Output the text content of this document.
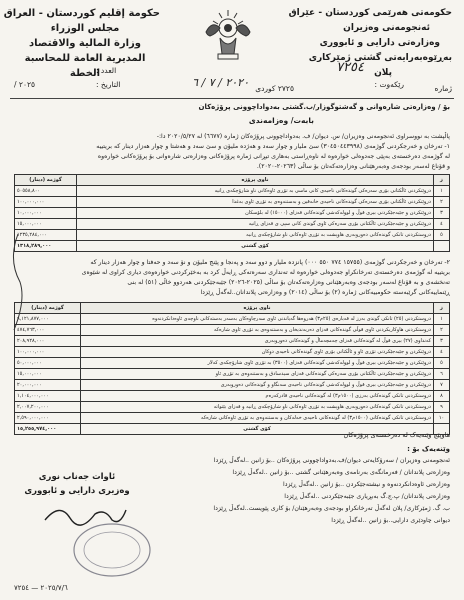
حکومەتی هەرێمی کوردستان - عێراق
ئەنجومەنی وەزیران
وەزارەتی دارایی و ئابووری
بەڕێوەبەرایەتی گشتی ژمێرکاری
پلان
حكومة إقليم كوردستان - العراق
مجلس الوزراء
وزارة المالية والاقتصاد
المديرية العامة للمحاسبة
الخطة
ژمارە
رێکەوت :
٧٢٥٤
٢٠٢٠ / ٧ / ٦ ٢٧٢٥ کوردی
العدد :
التاريخ :
٢٠٢٥ /
بۆ / وەزارەتی شارەوانی و گەشتوگوزار/ب.گشتی بەدواداچوونی پرۆژەکان
بابەت/ وەزامەندی
پاڵپشت بە نووسراوی ئەنجومەنی وەزیران/ س. دیوان/ ف. بەدواداچوونی پرۆژەکان ژمارە (٦٦٧٧) لە ٢٠٢٠/٥/٢٧ دا:-
١- تەرخان و خەرجکردنی گوژمەی (٣٠٤٥٠٤٤٣٩٩٨) سێ ملیار و چوار سەد و هەژدە ملیۆن و سێ سەد و هەشتا و چوار هەزار دینار کە بریتییە
لە گوژمەی دەرخستەی بەپێی جەدوەلی خوارەوە لە ناوەڕاستی بەهاری تیڕانی ژمارە پرۆژەکانی وەزارەتی شارەوانی بۆ پرۆژەکانی خوارەوە
و قۆناغ لەسەر بودجەی وەبەرهێنانی وەزارەتەکەتان بۆ ساڵی (٢٠٢٦٣-٢٠٢٠).
ز	ناوی پرۆژە	گوژمە (دینار)
١	دروێنکردنی ئاڵکتانی بۆری سەرەکی گوندەکانی ناحیەی کانی ماسی بە تۆڕی ئاوەکانی ناو شارۆچکەی ڕانیە	٥٠٥٥٨,٨٠٠
٢	دروێنکردنی ئاڵکتانی بۆری سەرەکی گوندەکانی ناحیەی خانەقین و بەستنەوەی بە تۆڕی ئاوی بەغدا	١٠٠,٠٠٠,٠٠٠
٣	دروێنکردن و جێبەجێکردنی بیری قوڵ و لوولەکەشی گوندەکانی قەزای (١٥٠٠٠) لە بلۆسکان	١٠,٠٠٠,٠٠٠
٤	دروێنکردن و جێبەجێکردنی ئاڵکتانی بۆری سەرەکی ئاوی گوندی کانی سپی ی قەزای ڕانیە	١٥,٠٠٠,٠٠٠
٥	دروستکردنی تانکی گوندەکانی دەوروبەری هاوپشت بە تۆڕی ئاوەکانی ناو شارۆچکەی ڕانیە	١٢٣٥,٢٨٤,٠٠٠
	کۆی گشتی	١٣١٨,٢٨٩,٠٠٠
٢- تەرخان و خەرجکردنی گوژمەی (١٥٧٥٥ ٧٧٤ ٥٥٠ ٠٠٠) پانزدە ملیار و دوو سەد و پەنجا و پێنج ملیۆن و نۆ سەد و حەفتا و چوار هەزار دینار کە
بریتییە لە گوژمەی دەرخستەی تەرخانکراو جەدوەلی خوارەوە لە تەنداری سەرەتەکی ڕایەڵ کرد بە بەخێرکردنی خوارەوەی دیاری کراوی لە شێوەی
تەنخشەی و بە قۆناغ لەسەر بودجەی وەبەرهێنانی وەزارەتەکەتان بۆ ساڵی (٢٠٢٥-٢٠٢٦) جێبەجێکردنی هەردوو خاڵی (٥١) لە بنی
ڕێنماییەکانی گرێبەستە حکومییەکانی ژمارە (٢) بۆ ساڵی (٢٠١٤) و وەزارەتی پلاندانان..لەگەڵ ڕێزدا
ز	ناوی پرۆژە	گوژمە (دینار)
١	دروستکردنی (٢٥) تانکی گوندی بەرز لە قەبارەی (٢٥م٣) هەروەها گەیاندنی ئاوی سەرچاوەکان بەسەر بەستەکانی ناوچەی ئاوەدانکردنەوە	٩,١٢١,٨٧٧,٠٠٠
٢	دروستکردنی هاوکاریکردنی ئاوی قوڵی گوندەکانی قەزای دەربەندیخان و بەستنەوەی بە تۆڕی ئاوی شارەکە	٤٧٤,٧٦٣,٠٠٠
٣	کەنداوی (٢٧) بیری قوڵ لە گوندەکانی قەزای چەمچەماڵ و گوندەکانی دەوروبەری	٢٠٨,٩٢٨,٠٠٠
٤	دروێنکردن و جێبەجێکردنی تۆڕی ئاو و ئاڵکتانی بۆری ئاوی گوندەکانی ناحیەی دوکان	١٠٠,٠٠٠,٠٠٠
٥	دروێنکردن و جێبەجێکردنی بیری قوڵ و لوولەکەشی گوندەکانی قەزای (٣٥٠٠) بە تۆڕی ئاوی شارۆچکەی کەلار	٥٠,٠٠٠,٠٠٠
٦	دروێنکردن و جێبەجێکردنی ئاڵکتانی بۆری سەرەکی گوندەکانی قەزای سیدسادق و بەستنەوەی بە تۆڕی ئاو	١٥,٠٠٠,٠٠٠
٧	دروێنکردن و جێبەجێکردنی بیری قوڵ و لوولەکەشی گوندەکانی ناحیەی سەنگاو و گوندەکانی دەوروبەری	٢٠,٠٠٠,٠٠٠
٨	دروستکردنی تانکی گوندەکانی بەرزی (١٥٠٠م٣) لە گوندەکانی ناحیەی قادرکەرەم	١,١٠٤,٠٠٠,٠٠٠
٩	دروستکردنی تانکی گوندەکانی دەوروبەری هاوپشت بە تۆڕی ئاوەکانی ناو شارۆچکەی ڕانیە و قەزای بێتواتە	٢,٠٠٧,٢٠٠,٠٠٠
١٠	دروستکردنی تانکی گوندەکانی (١٥٠٠م٣) لە گوندەکانی ناحیەی خەلەکان و بەستنەوەی بە تۆڕی ئاوەکانی شارەکە	٢,٥٩٠,٠٠٠,٠٠٠
	کۆی گشتی	١٥,٢٥٥,٩٧٤,٠٠٠
هاوپێچ وێنەیەک لە دەرخستەی پرۆژەکان
وێنەیەک بۆ :
ئەنجومەنی وەزیران / سەرۆکایەتی دیوان/ف.بەدواداچوونی پرۆژەکان ..بۆ زانین ..لەگەڵ ڕێزدا
وەزارەتی پلاندانان / فەرمانگەی بەرنامەی وەبەرهێنانی گشتی ..بۆ زانین ..لەگەڵ ڕێزدا
وەزارەتی ئاوەدانکردنەوە و نیشتەجێکردن ..بۆ زانین ..لەگەڵ ڕێزدا
وەزارەتی پلاندانان/ پ.ج.گ بەبڕیاری جێبەجێکردنی ..لەگەڵ ڕێزدا
ب. گ. ژمێرکاری/ پلان لەگەڵ تەرخانکراو بودجەی وەبەرهێنان/ بۆ کاری پێویست..لەگەڵ ڕێزدا
دیوانی چاودێری دارایی..بۆ زانین ..لەگەڵ ڕێزدا
ئاوات جەناب نوری
وەزیری دارایی و ئابووری
٢٠٢٥/٧/٦ — ٧٢٥٤
